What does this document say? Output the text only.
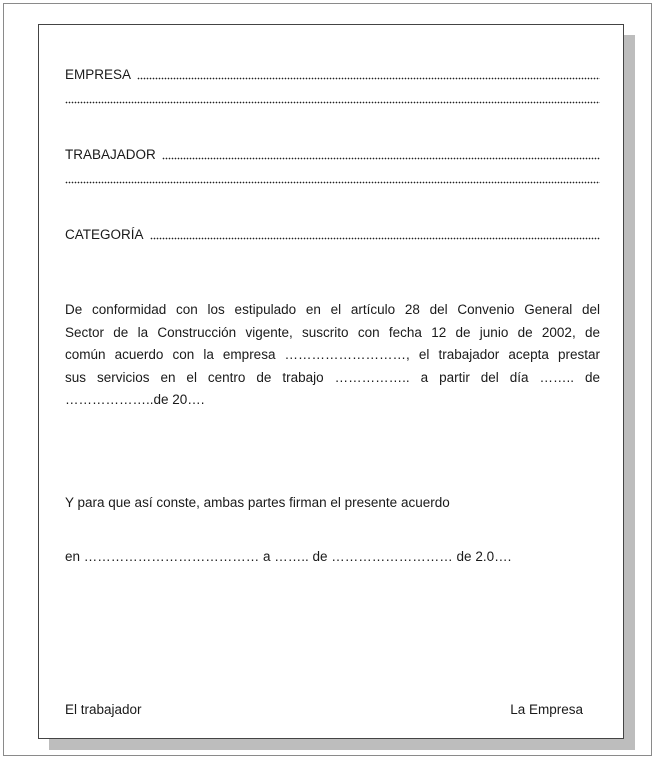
EMPRESA
TRABAJADOR
CATEGORÍA
De conformidad con los estipulado en el artículo 28 del Convenio General del
Sector de la Construcción vigente, suscrito con fecha 12 de junio de 2002, de
común acuerdo con la empresa ………………………, el trabajador acepta prestar
sus servicios en el centro de trabajo …………….. a partir del día …….. de
………………..de 20….
Y para que así conste, ambas partes firman el presente acuerdo
en ………………………………… a …….. de ……………………… de 2.0….
El trabajador	La Empresa
